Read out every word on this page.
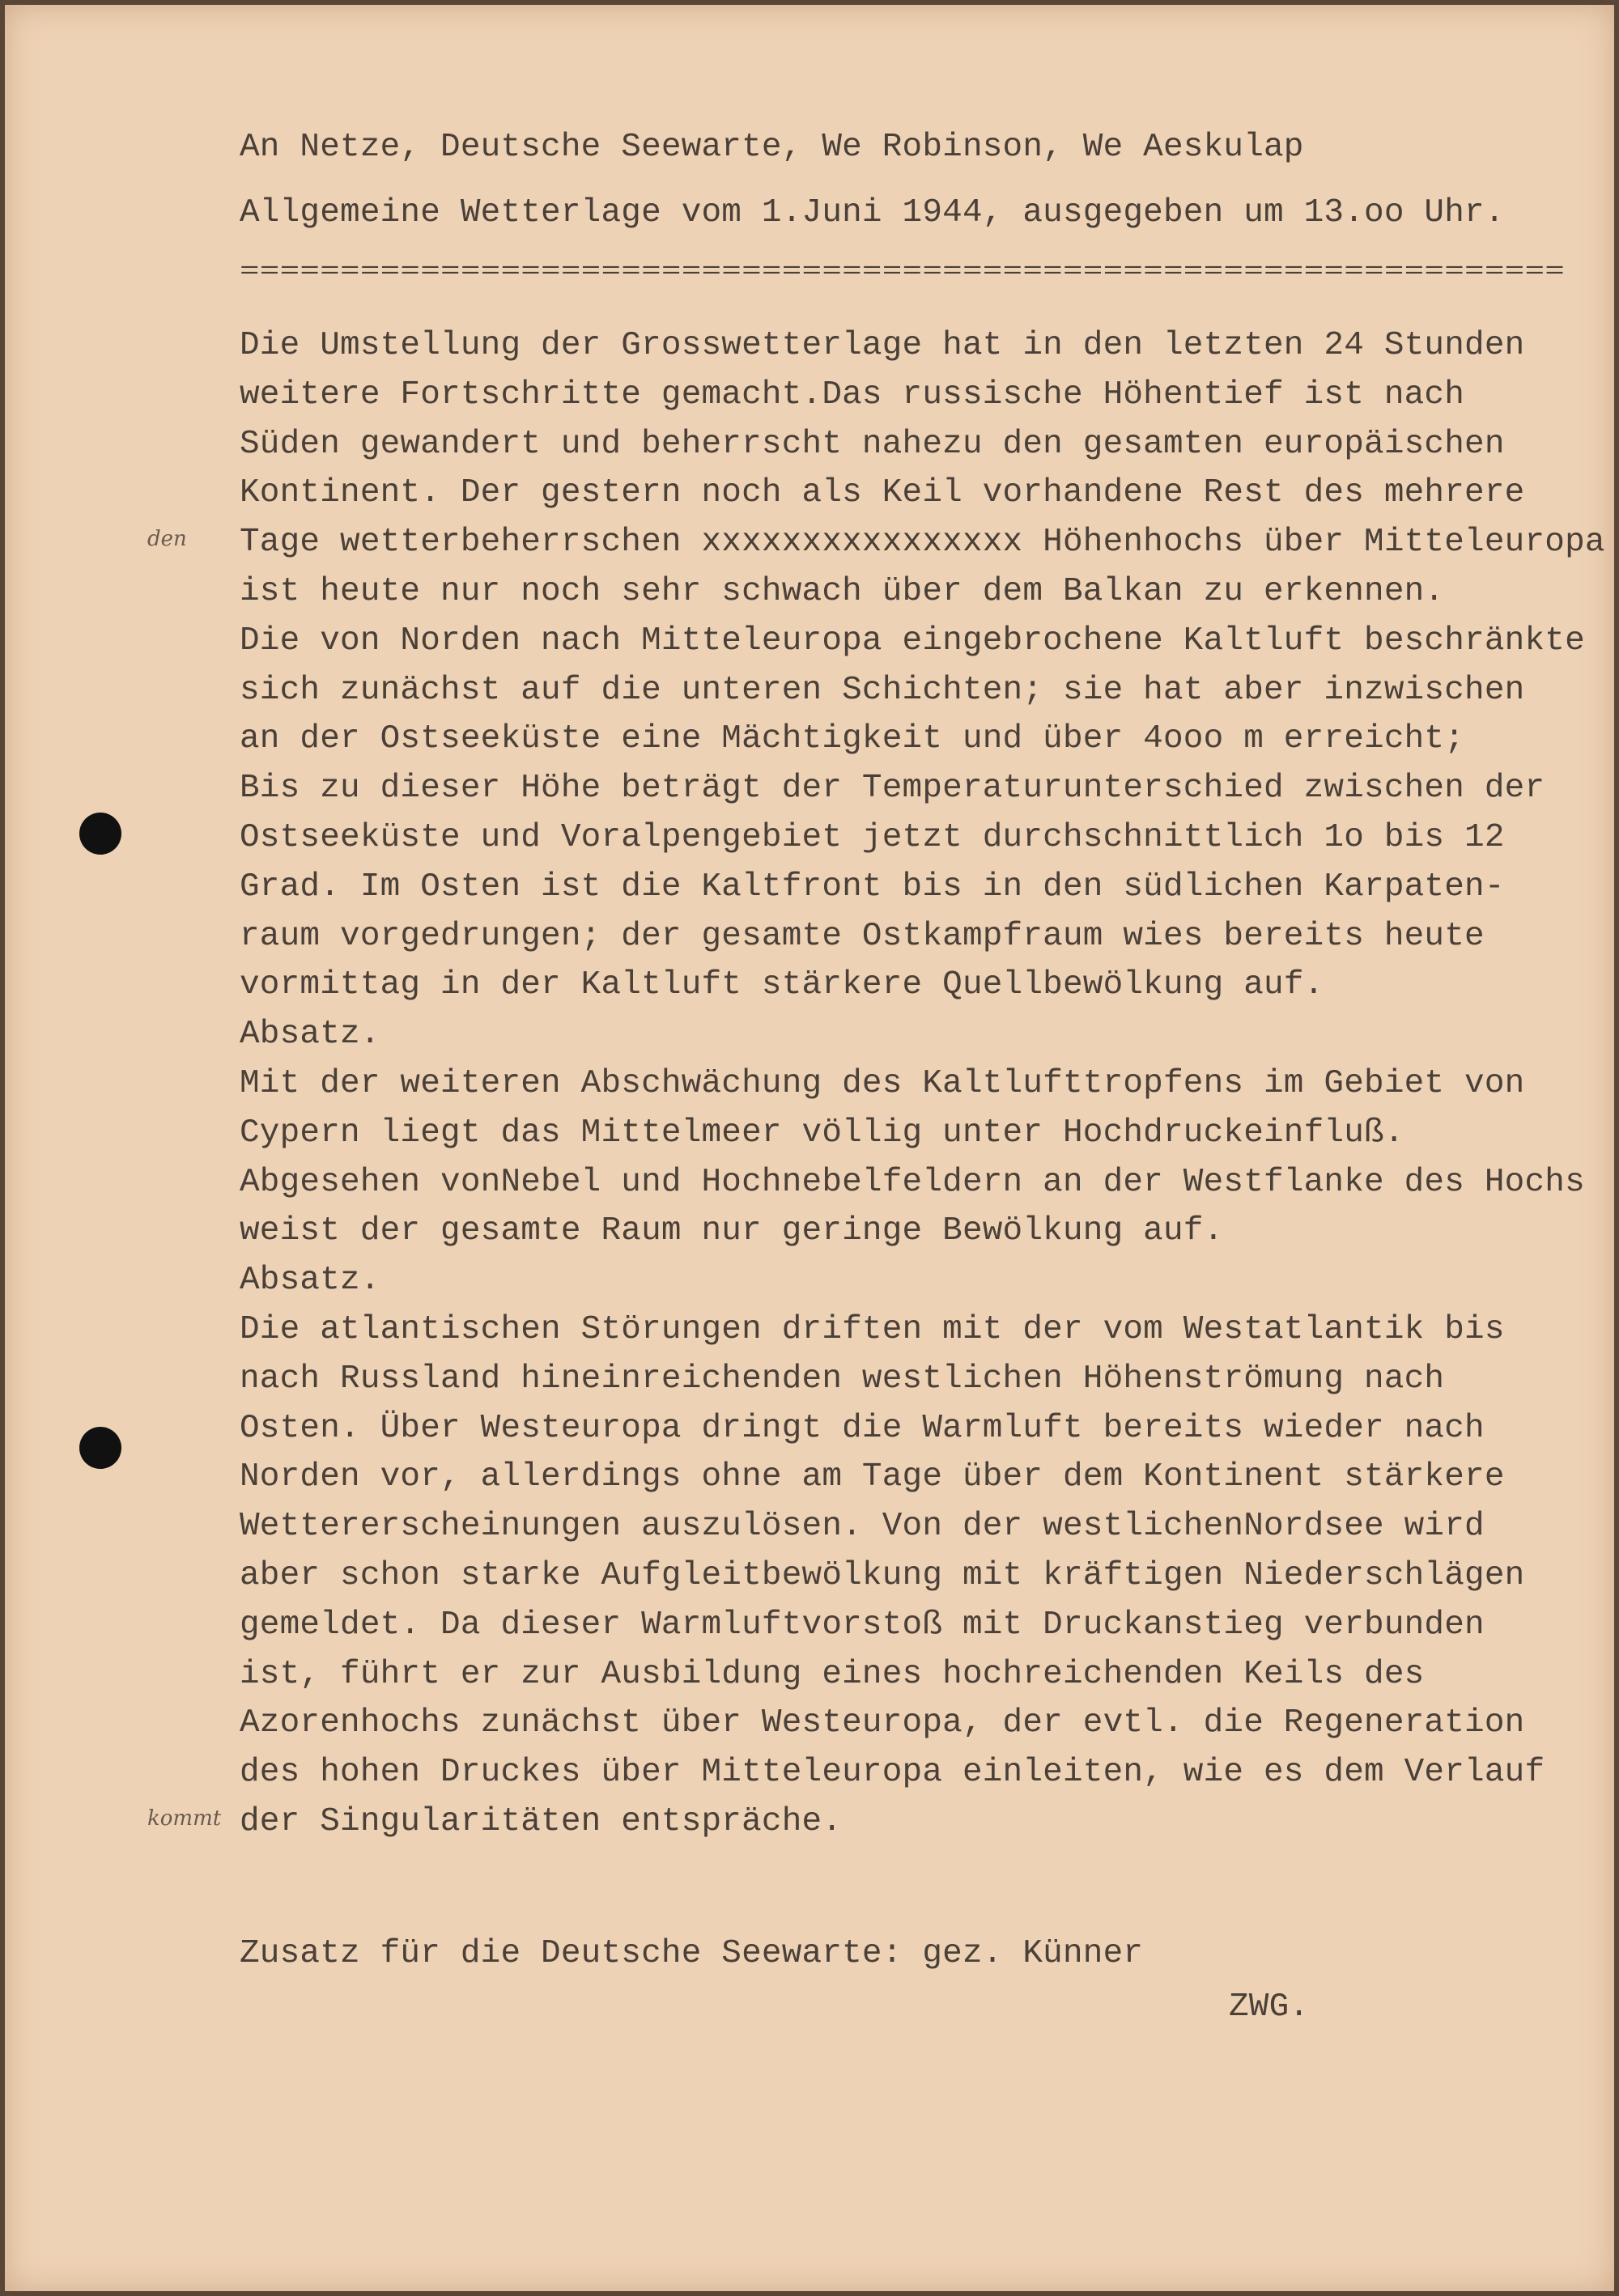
An Netze, Deutsche Seewarte, We Robinson, We Aeskulap
Allgemeine Wetterlage vom 1.Juni 1944, ausgegeben um 13.oo Uhr.
==================================================================
Die Umstellung der Grosswetterlage hat in den letzten 24 Stunden
weitere Fortschritte gemacht.Das russische Höhentief ist nach
Süden gewandert und beherrscht nahezu den gesamten europäischen
Kontinent. Der gestern noch als Keil vorhandene Rest des mehrere
Tage wetterbeherrschen xxxxxxxxxxxxxxxx Höhenhochs über Mitteleuropa
ist heute nur noch sehr schwach über dem Balkan zu erkennen.
Die von Norden nach Mitteleuropa eingebrochene Kaltluft beschränkte
sich zunächst auf die unteren Schichten; sie hat aber inzwischen
an der Ostseeküste eine Mächtigkeit und über 4ooo m erreicht;
Bis zu dieser Höhe beträgt der Temperaturunterschied zwischen der
Ostseeküste und Voralpengebiet jetzt durchschnittlich 1o bis 12
Grad. Im Osten ist die Kaltfront bis in den südlichen Karpaten-
raum vorgedrungen; der gesamte Ostkampfraum wies bereits heute
vormittag in der Kaltluft stärkere Quellbewölkung auf.
Absatz.
Mit der weiteren Abschwächung des Kaltlufttropfens im Gebiet von
Cypern liegt das Mittelmeer völlig unter Hochdruckeinfluß.
Abgesehen vonNebel und Hochnebelfeldern an der Westflanke des Hochs
weist der gesamte Raum nur geringe Bewölkung auf.
Absatz.
Die atlantischen Störungen driften mit der vom Westatlantik bis
nach Russland hineinreichenden westlichen Höhenströmung nach
Osten. Über Westeuropa dringt die Warmluft bereits wieder nach
Norden vor, allerdings ohne am Tage über dem Kontinent stärkere
Wettererscheinungen auszulösen. Von der westlichenNordsee wird
aber schon starke Aufgleitbewölkung mit kräftigen Niederschlägen
gemeldet. Da dieser Warmluftvorstoß mit Druckanstieg verbunden
ist, führt er zur Ausbildung eines hochreichenden Keils des
Azorenhochs zunächst über Westeuropa, der evtl. die Regeneration
des hohen Druckes über Mitteleuropa einleiten, wie es dem Verlauf
der Singularitäten entspräche.
den
kommt
Zusatz für die Deutsche Seewarte: gez. Künner
ZWG.
